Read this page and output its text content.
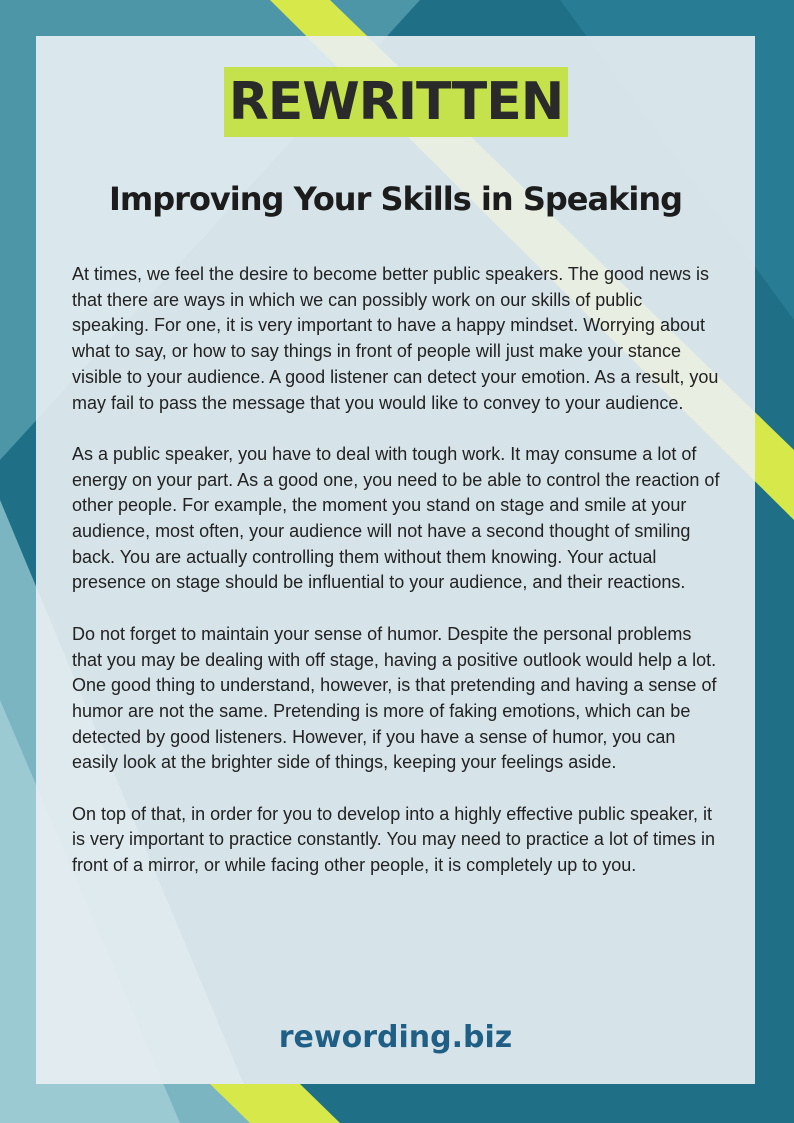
REWRITTEN
Improving Your Skills in Speaking

At times, we feel the desire to become better public speakers. The good news is that there are ways in which we can possibly work on our skills of public speaking. For one, it is very important to have a happy mindset. Worrying about what to say, or how to say things in front of people will just make your stance visible to your audience. A good listener can detect your emotion. As a result, you may fail to pass the message that you would like to convey to your audience.

As a public speaker, you have to deal with tough work. It may consume a lot of energy on your part. As a good one, you need to be able to control the reaction of other people. For example, the moment you stand on stage and smile at your audience, most often, your audience will not have a second thought of smiling back. You are actually controlling them without them knowing. Your actual presence on stage should be influential to your audience, and their reactions.

Do not forget to maintain your sense of humor. Despite the personal problems that you may be dealing with off stage, having a positive outlook would help a lot. One good thing to understand, however, is that pretending and having a sense of humor are not the same. Pretending is more of faking emotions, which can be detected by good listeners. However, if you have a sense of humor, you can easily look at the brighter side of things, keeping your feelings aside.

On top of that, in order for you to develop into a highly effective public speaker, it is very important to practice constantly. You may need to practice a lot of times in front of a mirror, or while facing other people, it is completely up to you.

rewording.biz
